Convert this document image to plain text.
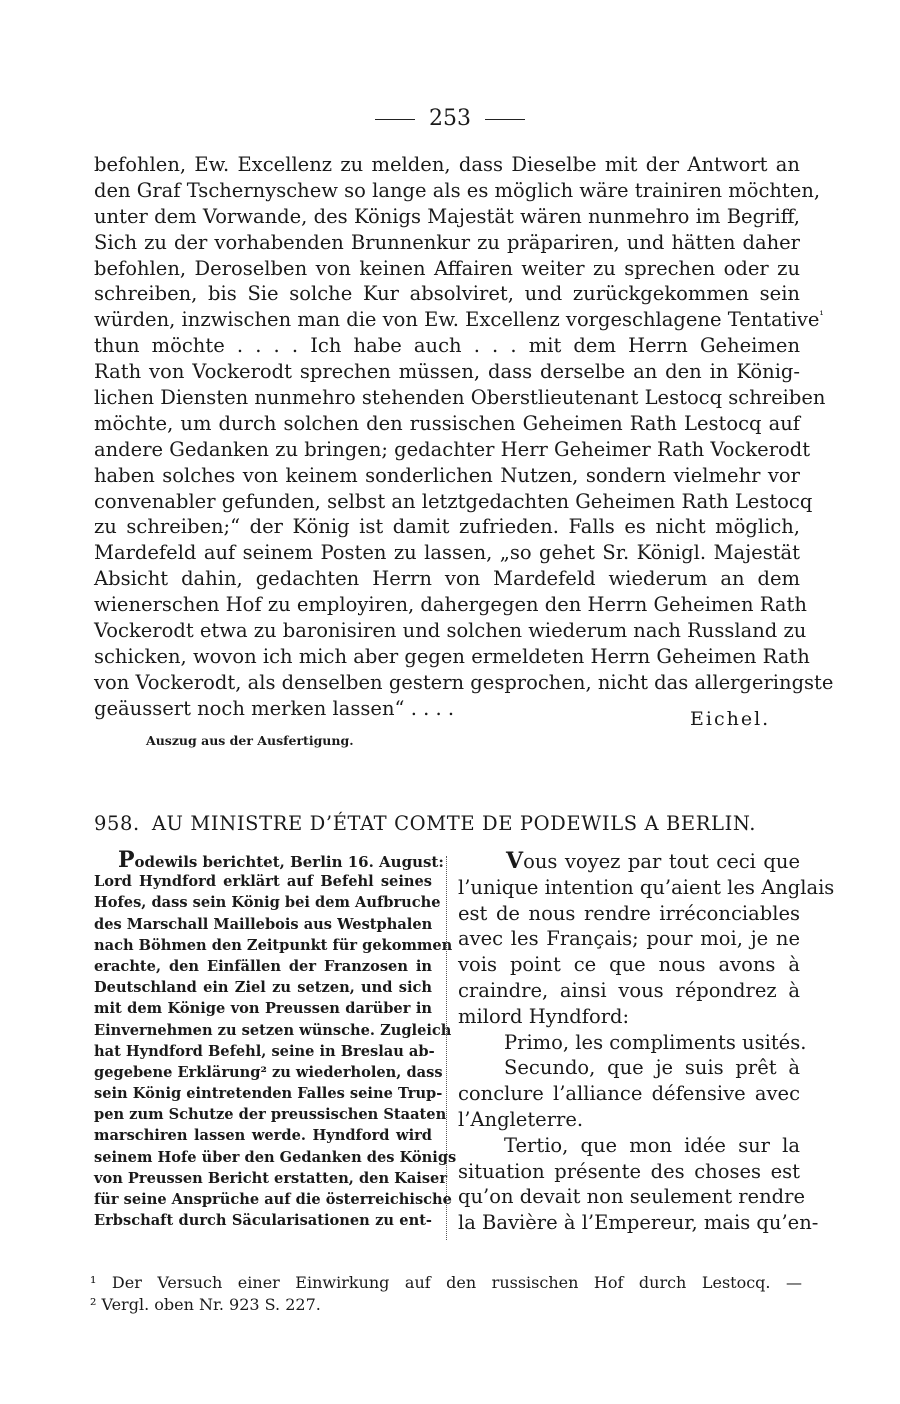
253
befohlen, Ew. Excellenz zu melden, dass Dieselbe mit der Antwort an
den Graf Tschernyschew so lange als es möglich wäre trainiren möchten,
unter dem Vorwande, des Königs Majestät wären nunmehro im Begriff,
Sich zu der vorhabenden Brunnenkur zu präpariren, und hätten daher
befohlen, Deroselben von keinen Affairen weiter zu sprechen oder zu
schreiben, bis Sie solche Kur absolviret, und zurückgekommen sein
würden, inzwischen man die von Ew. Excellenz vorgeschlagene Tentative$^{^1}$
thun möchte . . . . Ich habe auch . . . mit dem Herrn Geheimen
Rath von Vockerodt sprechen müssen, dass derselbe an den in König-
lichen Diensten nunmehro stehenden Oberstlieutenant Lestocq schreiben
möchte, um durch solchen den russischen Geheimen Rath Lestocq auf
andere Gedanken zu bringen; gedachter Herr Geheimer Rath Vockerodt
haben solches von keinem sonderlichen Nutzen, sondern vielmehr vor
convenabler gefunden, selbst an letztgedachten Geheimen Rath Lestocq
zu schreiben;“ der König ist damit zufrieden. Falls es nicht möglich,
Mardefeld auf seinem Posten zu lassen, „so gehet Sr. Königl. Majestät
Absicht dahin, gedachten Herrn von Mardefeld wiederum an dem
wienerschen Hof zu employiren, dahergegen den Herrn Geheimen Rath
Vockerodt etwa zu baronisiren und solchen wiederum nach Russland zu
schicken, wovon ich mich aber gegen ermeldeten Herrn Geheimen Rath
von Vockerodt, als denselben gestern gesprochen, nicht das allergeringste
geäussert noch merken lassen“ . . . .	Eichel.
Auszug aus der Ausfertigung.
958. AU MINISTRE D’ÉTAT COMTE DE PODEWILS A BERLIN.
Podewils berichtet, Berlin 16. August:
Lord Hyndford erklärt auf Befehl seines
Hofes, dass sein König bei dem Aufbruche
des Marschall Maillebois aus Westphalen
nach Böhmen den Zeitpunkt für gekommen
erachte, den Einfällen der Franzosen in
Deutschland ein Ziel zu setzen, und sich
mit dem Könige von Preussen darüber in
Einvernehmen zu setzen wünsche. Zugleich
hat Hyndford Befehl, seine in Breslau ab-
gegebene Erklärung² zu wiederholen, dass
sein König eintretenden Falles seine Trup-
pen zum Schutze der preussischen Staaten
marschiren lassen werde. Hyndford wird
seinem Hofe über den Gedanken des Königs
von Preussen Bericht erstatten, den Kaiser
für seine Ansprüche auf die österreichische
Erbschaft durch Säcularisationen zu ent-
Vous voyez par tout ceci que
l’unique intention qu’aient les Anglais
est de nous rendre irréconciables
avec les Français; pour moi, je ne
vois point ce que nous avons à
craindre, ainsi vous répondrez à
milord Hyndford:
Primo, les compliments usités.
Secundo, que je suis prêt à
conclure l’alliance défensive avec
l’Angleterre.
Tertio, que mon idée sur la
situation présente des choses est
qu’on devait non seulement rendre
la Bavière à l’Empereur, mais qu’en-
¹ Der Versuch einer Einwirkung auf den russischen Hof durch Lestocq. —
² Vergl. oben Nr. 923 S. 227.
